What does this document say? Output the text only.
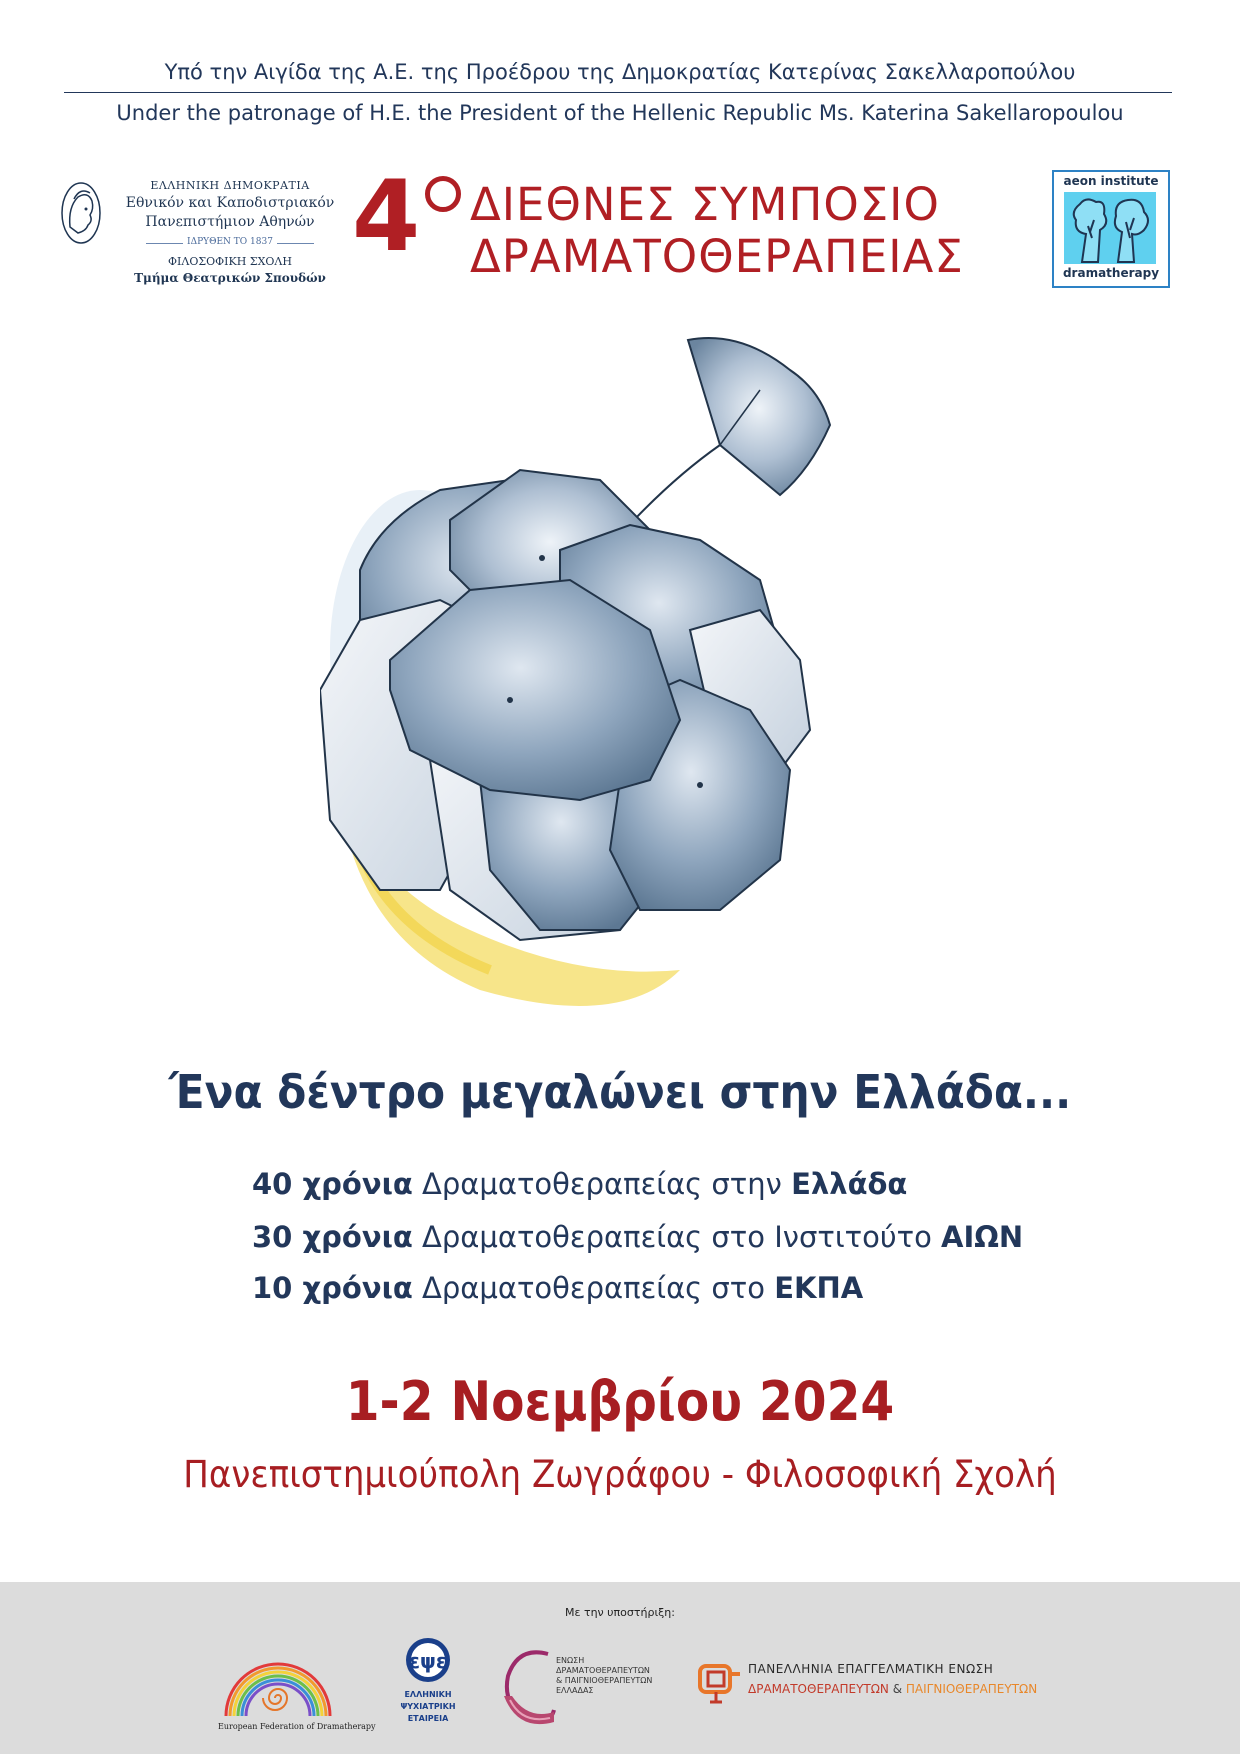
Υπό την Αιγίδα της Α.Ε. της Προέδρου της Δημοκρατίας Κατερίνας Σακελλαροπούλου
Under the patronage of H.E. the President of the Hellenic Republic Ms. Katerina Sakellaropoulou
ΕΛΛΗΝΙΚΗ ΔΗΜΟΚΡΑΤΙΑ
Εθνικόν και Καποδιστριακόν
Πανεπιστήμιον Αθηνών
ΙΔΡΥΘΕΝ ΤΟ 1837
ΦΙΛΟΣΟΦΙΚΗ ΣΧΟΛΗ
Τμήμα Θεατρικών Σπουδών
4 ΔΙΕΘΝΕΣ ΣΥΜΠΟΣΙΟ
ΔΡΑΜΑΤΟΘΕΡΑΠΕΙΑΣ
aeon institute
dramatherapy
Ένα δέντρο μεγαλώνει στην Ελλάδα...
40 χρόνια Δραματοθεραπείας στην Ελλάδα
30 χρόνια Δραματοθεραπείας στο Ινστιτούτο ΑΙΩΝ
10 χρόνια Δραματοθεραπείας στο ΕΚΠΑ
1-2 Νοεμβρίου 2024
Πανεπιστημιούπολη Ζωγράφου - Φιλοσοφική Σχολή
Με την υποστήριξη:
European Federation of Dramatherapy
εψε
ΕΛΛΗΝΙΚΗ
ΨΥΧΙΑΤΡΙΚΗ
ΕΤΑΙΡΕΙΑ
ΕΝΩΣΗ
ΔΡΑΜΑΤΟΘΕΡΑΠΕΥΤΩΝ
& ΠΑΙΓΝΙΟΘΕΡΑΠΕΥΤΩΝ
ΕΛΛΑΔΑΣ
ΠΑΝΕΛΛΗΝΙΑ ΕΠΑΓΓΕΛΜΑΤΙΚΗ ΕΝΩΣΗ
ΔΡΑΜΑΤΟΘΕΡΑΠΕΥΤΩΝ & ΠΑΙΓΝΙΟΘΕΡΑΠΕΥΤΩΝ
